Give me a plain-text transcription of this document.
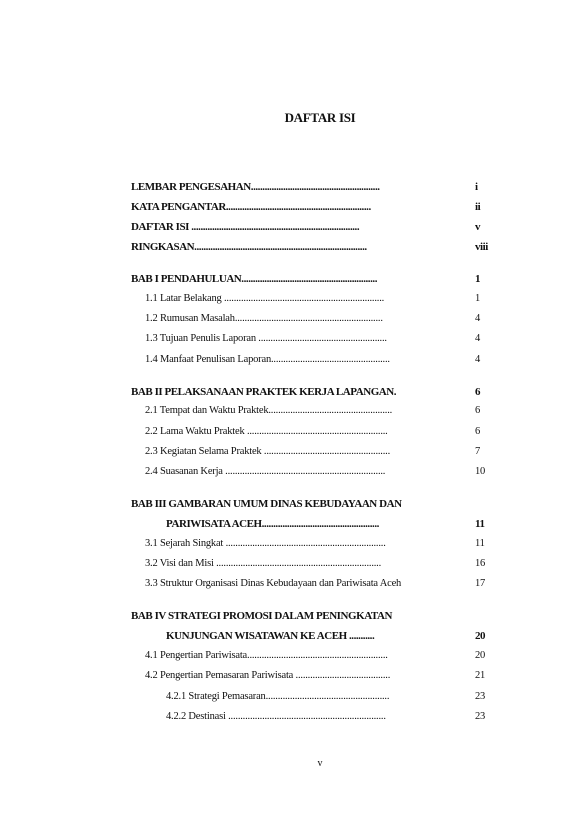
DAFTAR ISI
LEMBAR PENGESAHAN........................................................	i
KATA PENGANTAR...............................................................	ii
DAFTAR ISI .........................................................................	v
RINGKASAN...........................................................................	viii
BAB I PENDAHULUAN...........................................................	1
1.1 Latar Belakang ..................................................................	1
1.2 Rumusan Masalah.............................................................	4
1.3 Tujuan Penulis Laporan .....................................................	4
1.4 Manfaat Penulisan Laporan.................................................	4
BAB II PELAKSANAAN PRAKTEK KERJA LAPANGAN.	6
2.1 Tempat dan Waktu Praktek...................................................	6
2.2 Lama Waktu Praktek ..........................................................	6
2.3 Kegiatan Selama Praktek ....................................................	7
2.4 Suasanan Kerja ..................................................................	10
BAB III GAMBARAN UMUM DINAS KEBUDAYAAN DAN
PARIWISATA ACEH...................................................	11
3.1 Sejarah Singkat ..................................................................	11
3.2 Visi dan Misi ....................................................................	16
3.3 Struktur Organisasi Dinas Kebudayaan dan Pariwisata Aceh	17
BAB IV STRATEGI PROMOSI DALAM PENINGKATAN
KUNJUNGAN WISATAWAN KE ACEH ...........	20
4.1 Pengertian Pariwisata..........................................................	20
4.2 Pengertian Pemasaran Pariwisata .......................................	21
4.2.1 Strategi Pemasaran...................................................	23
4.2.2 Destinasi .................................................................	23
v
